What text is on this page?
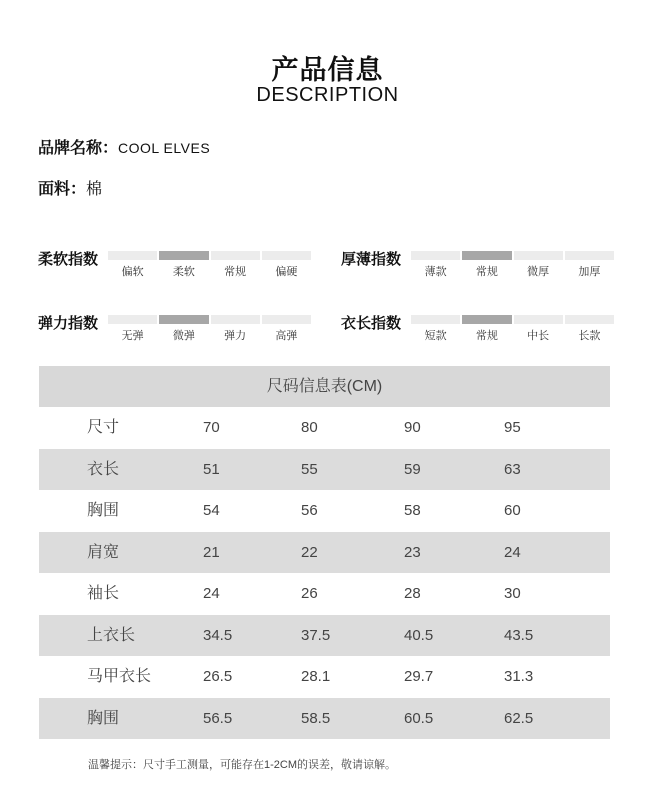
产品信息
DESCRIPTION
品牌名称：COOL ELVES
面料：棉
柔软指数
偏软	柔软	常规	偏硬
厚薄指数
薄款	常规	微厚	加厚
弹力指数
无弹	微弹	弹力	高弹
衣长指数
短款	常规	中长	长款
尺码信息表(CM)
尺寸	70	80	90	95
衣长	51	55	59	63
胸围	54	56	58	60
肩宽	21	22	23	24
袖长	24	26	28	30
上衣长	34.5	37.5	40.5	43.5
马甲衣长	26.5	28.1	29.7	31.3
胸围	56.5	58.5	60.5	62.5
温馨提示：尺寸手工测量，可能存在1-2CM的误差，敬请谅解。
